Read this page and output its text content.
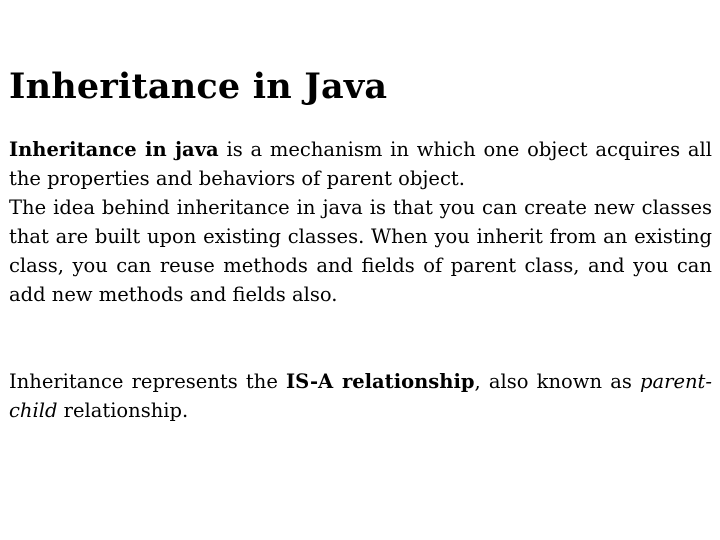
Inheritance in Java

Inheritance in java is a mechanism in which one object acquires all the properties and behaviors of parent object.

The idea behind inheritance in java is that you can create new classes that are built upon existing classes. When you inherit from an existing class, you can reuse methods and fields of parent class, and you can add new methods and fields also.

Inheritance represents the IS-A relationship, also known as parent-child relationship.
